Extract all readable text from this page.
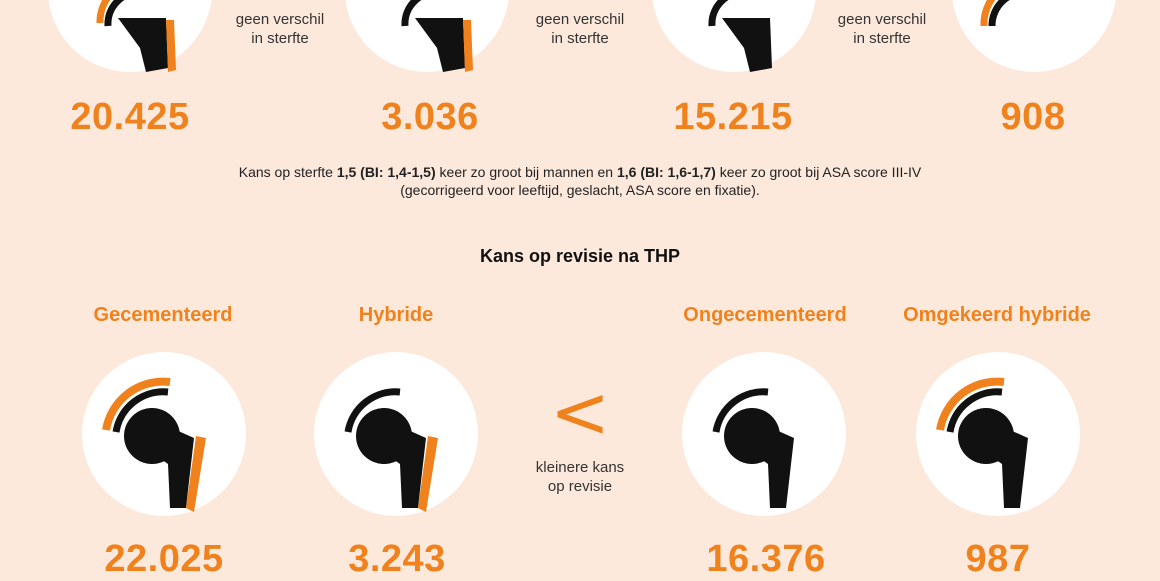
geen verschil
in sterfte
geen verschil
in sterfte
geen verschil
in sterfte
20.425	3.036	15.215	908
Kans op sterfte 1,5 (BI: 1,4-1,5) keer zo groot bij mannen en 1,6 (BI: 1,6-1,7) keer zo groot bij ASA score III-IV
(gecorrigeerd voor leeftijd, geslacht, ASA score en fixatie).
Kans op revisie na THP
Gecementeerd	Hybride	Ongecementeerd	Omgekeerd hybride
<
kleinere kans
op revisie
22.025	3.243	16.376	987
